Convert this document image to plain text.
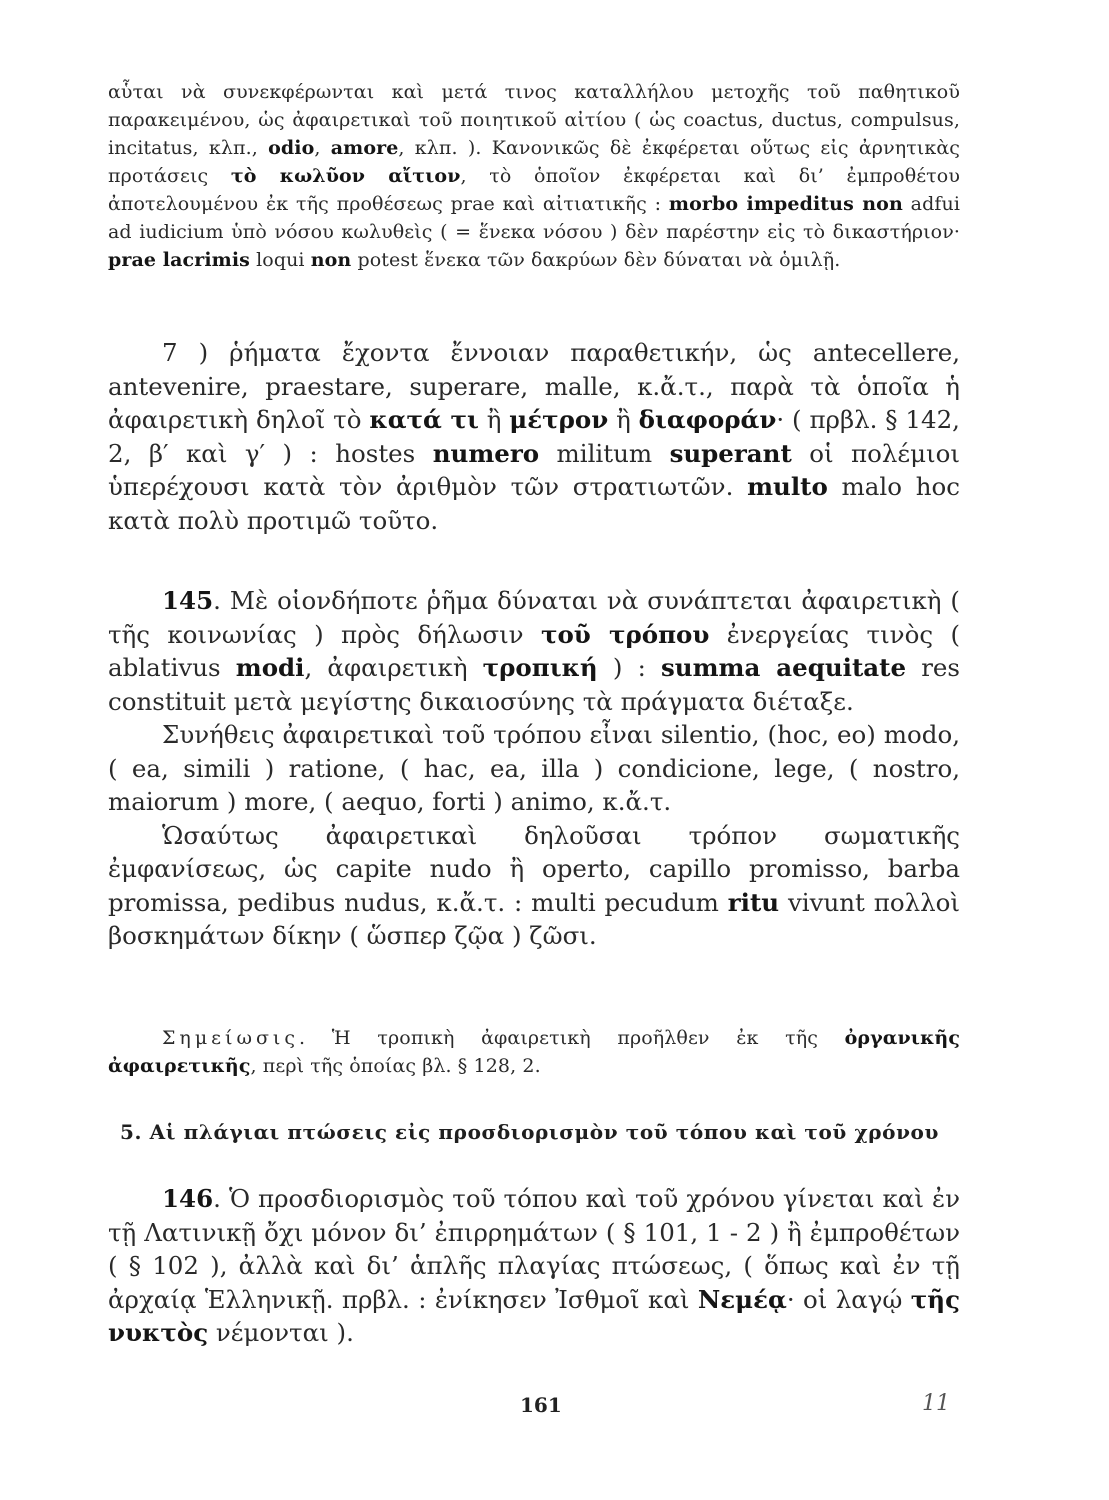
αὗται νὰ συνεκφέρωνται καὶ μετά τινος καταλλήλου μετοχῆς τοῦ παθητικοῦ παρακειμένου, ὡς ἀφαιρετικαὶ τοῦ ποιητικοῦ αἰτίου ( ὡς coactus, ductus, compulsus, incitatus, κλπ., odio, amore, κλπ. ). Κανονικῶς δὲ ἐκφέρεται οὕτως εἰς ἀρνητικὰς προτάσεις τὸ κωλῦον αἴτιον, τὸ ὁποῖον ἐκφέρεται καὶ δι’ ἐμπροθέτου ἀποτελουμένου ἐκ τῆς προθέσεως prae καὶ αἰτιατικῆς : morbo impeditus non adfui ad iudicium ὑπὸ νόσου κωλυθεὶς ( = ἕνεκα νόσου ) δὲν παρέστην εἰς τὸ δικαστήριον· prae lacrimis loqui non potest ἕνεκα τῶν δακρύων δὲν δύναται νὰ ὁμιλῇ.

7 ) ῥήματα ἔχοντα ἔννοιαν παραθετικήν, ὡς antecellere, antevenire, praestare, superare, malle, κ.ἄ.τ., παρὰ τὰ ὁποῖα ἡ ἀφαιρετικὴ δηλοῖ τὸ κατά τι ἢ μέτρον ἢ διαφοράν· ( πρβλ. § 142, 2, β′ καὶ γ′ ) : hostes numero militum superant οἱ πολέμιοι ὑπερέχουσι κατὰ τὸν ἀριθμὸν τῶν στρατιωτῶν. multo malo hoc κατὰ πολὺ προτιμῶ τοῦτο.

145. Μὲ οἱονδήποτε ῥῆμα δύναται νὰ συνάπτεται ἀφαιρετικὴ ( τῆς κοινωνίας ) πρὸς δήλωσιν τοῦ τρόπου ἐνεργείας τινὸς ( ablativus modi, ἀφαιρετικὴ τροπική ) : summa aequitate res constituit μετὰ μεγίστης δικαιοσύνης τὰ πράγματα διέταξε.

Συνήθεις ἀφαιρετικαὶ τοῦ τρόπου εἶναι silentio, (hoc, eo) modo, ( ea, simili ) ratione, ( hac, ea, illa ) condicione, lege, ( nostro, maiorum ) more, ( aequo, forti ) animo, κ.ἄ.τ.

Ὡσαύτως ἀφαιρετικαὶ δηλοῦσαι τρόπον σωματικῆς ἐμφανίσεως, ὡς capite nudo ἢ operto, capillo promisso, barba promissa, pedibus nudus, κ.ἄ.τ. : multi pecudum ritu vivunt πολλοὶ βοσκημάτων δίκην ( ὥσπερ ζῷα ) ζῶσι.

Σημείωσις. Ἡ τροπικὴ ἀφαιρετικὴ προῆλθεν ἐκ τῆς ὀργανικῆς ἀφαιρετικῆς, περὶ τῆς ὁποίας βλ. § 128, 2.

5. Αἱ πλάγιαι πτώσεις εἰς προσδιορισμὸν τοῦ τόπου καὶ τοῦ χρόνου

146. Ὁ προσδιορισμὸς τοῦ τόπου καὶ τοῦ χρόνου γίνεται καὶ ἐν τῇ Λατινικῇ ὄχι μόνον δι’ ἐπιρρημάτων ( § 101, 1 - 2 ) ἢ ἐμπροθέτων ( § 102 ), ἀλλὰ καὶ δι’ ἁπλῆς πλαγίας πτώσεως, ( ὅπως καὶ ἐν τῇ ἀρχαίᾳ Ἑλληνικῇ. πρβλ. : ἐνίκησεν Ἰσθμοῖ καὶ Νεμέᾳ· οἱ λαγῴ τῆς νυκτὸς νέμονται ).

161	11
